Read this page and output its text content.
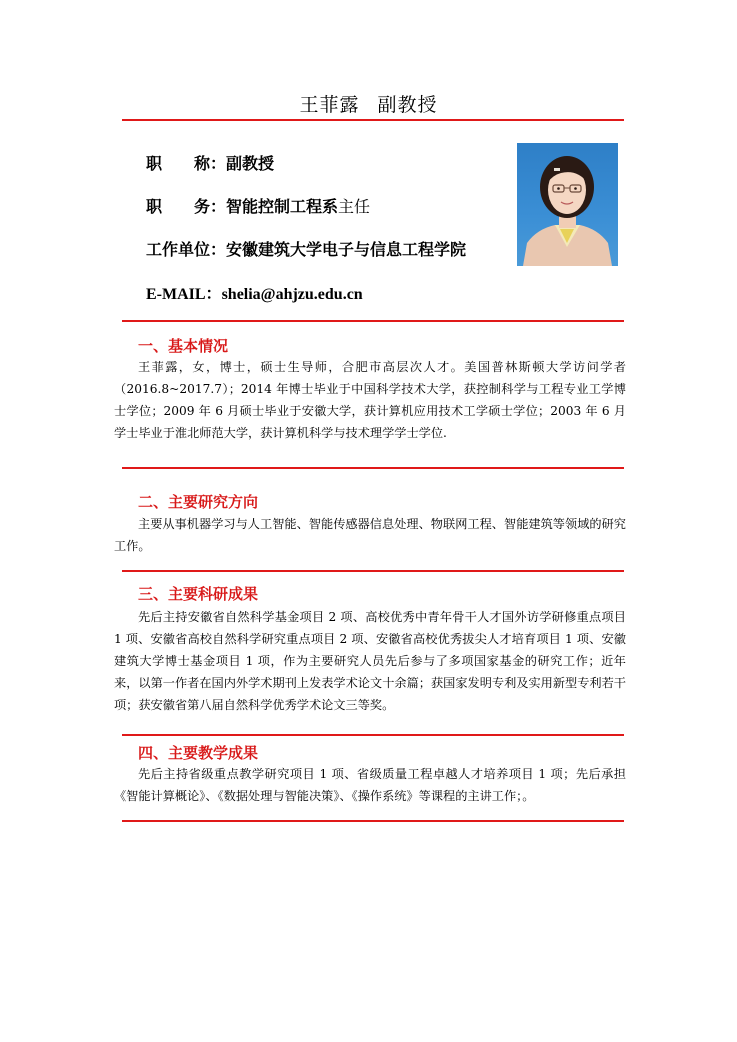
王菲露 副教授
职　　称：副教授
职　　务：智能控制工程系主任
工作单位：安徽建筑大学电子与信息工程学院
E-MAIL：shelia@ahjzu.edu.cn
一、基本情况
王菲露，女，博士，硕士生导师，合肥市高层次人才。美国普林斯顿大学访问学者（2016.8~2017.7）；2014 年博士毕业于中国科学技术大学，获控制科学与工程专业工学博士学位；2009 年 6 月硕士毕业于安徽大学，获计算机应用技术工学硕士学位；2003 年 6 月学士毕业于淮北师范大学，获计算机科学与技术理学学士学位.
二、主要研究方向
主要从事机器学习与人工智能、智能传感器信息处理、物联网工程、智能建筑等领域的研究工作。
三、主要科研成果
先后主持安徽省自然科学基金项目 2 项、高校优秀中青年骨干人才国外访学研修重点项目 1 项、安徽省高校自然科学研究重点项目 2 项、安徽省高校优秀拔尖人才培育项目 1 项、安徽建筑大学博士基金项目 1 项，作为主要研究人员先后参与了多项国家基金的研究工作；近年来，以第一作者在国内外学术期刊上发表学术论文十余篇；获国家发明专利及实用新型专利若干项；获安徽省第八届自然科学优秀学术论文三等奖。
四、主要教学成果
先后主持省级重点教学研究项目 1 项、省级质量工程卓越人才培养项目 1 项；先后承担《智能计算概论》、《数据处理与智能决策》、《操作系统》等课程的主讲工作；。
